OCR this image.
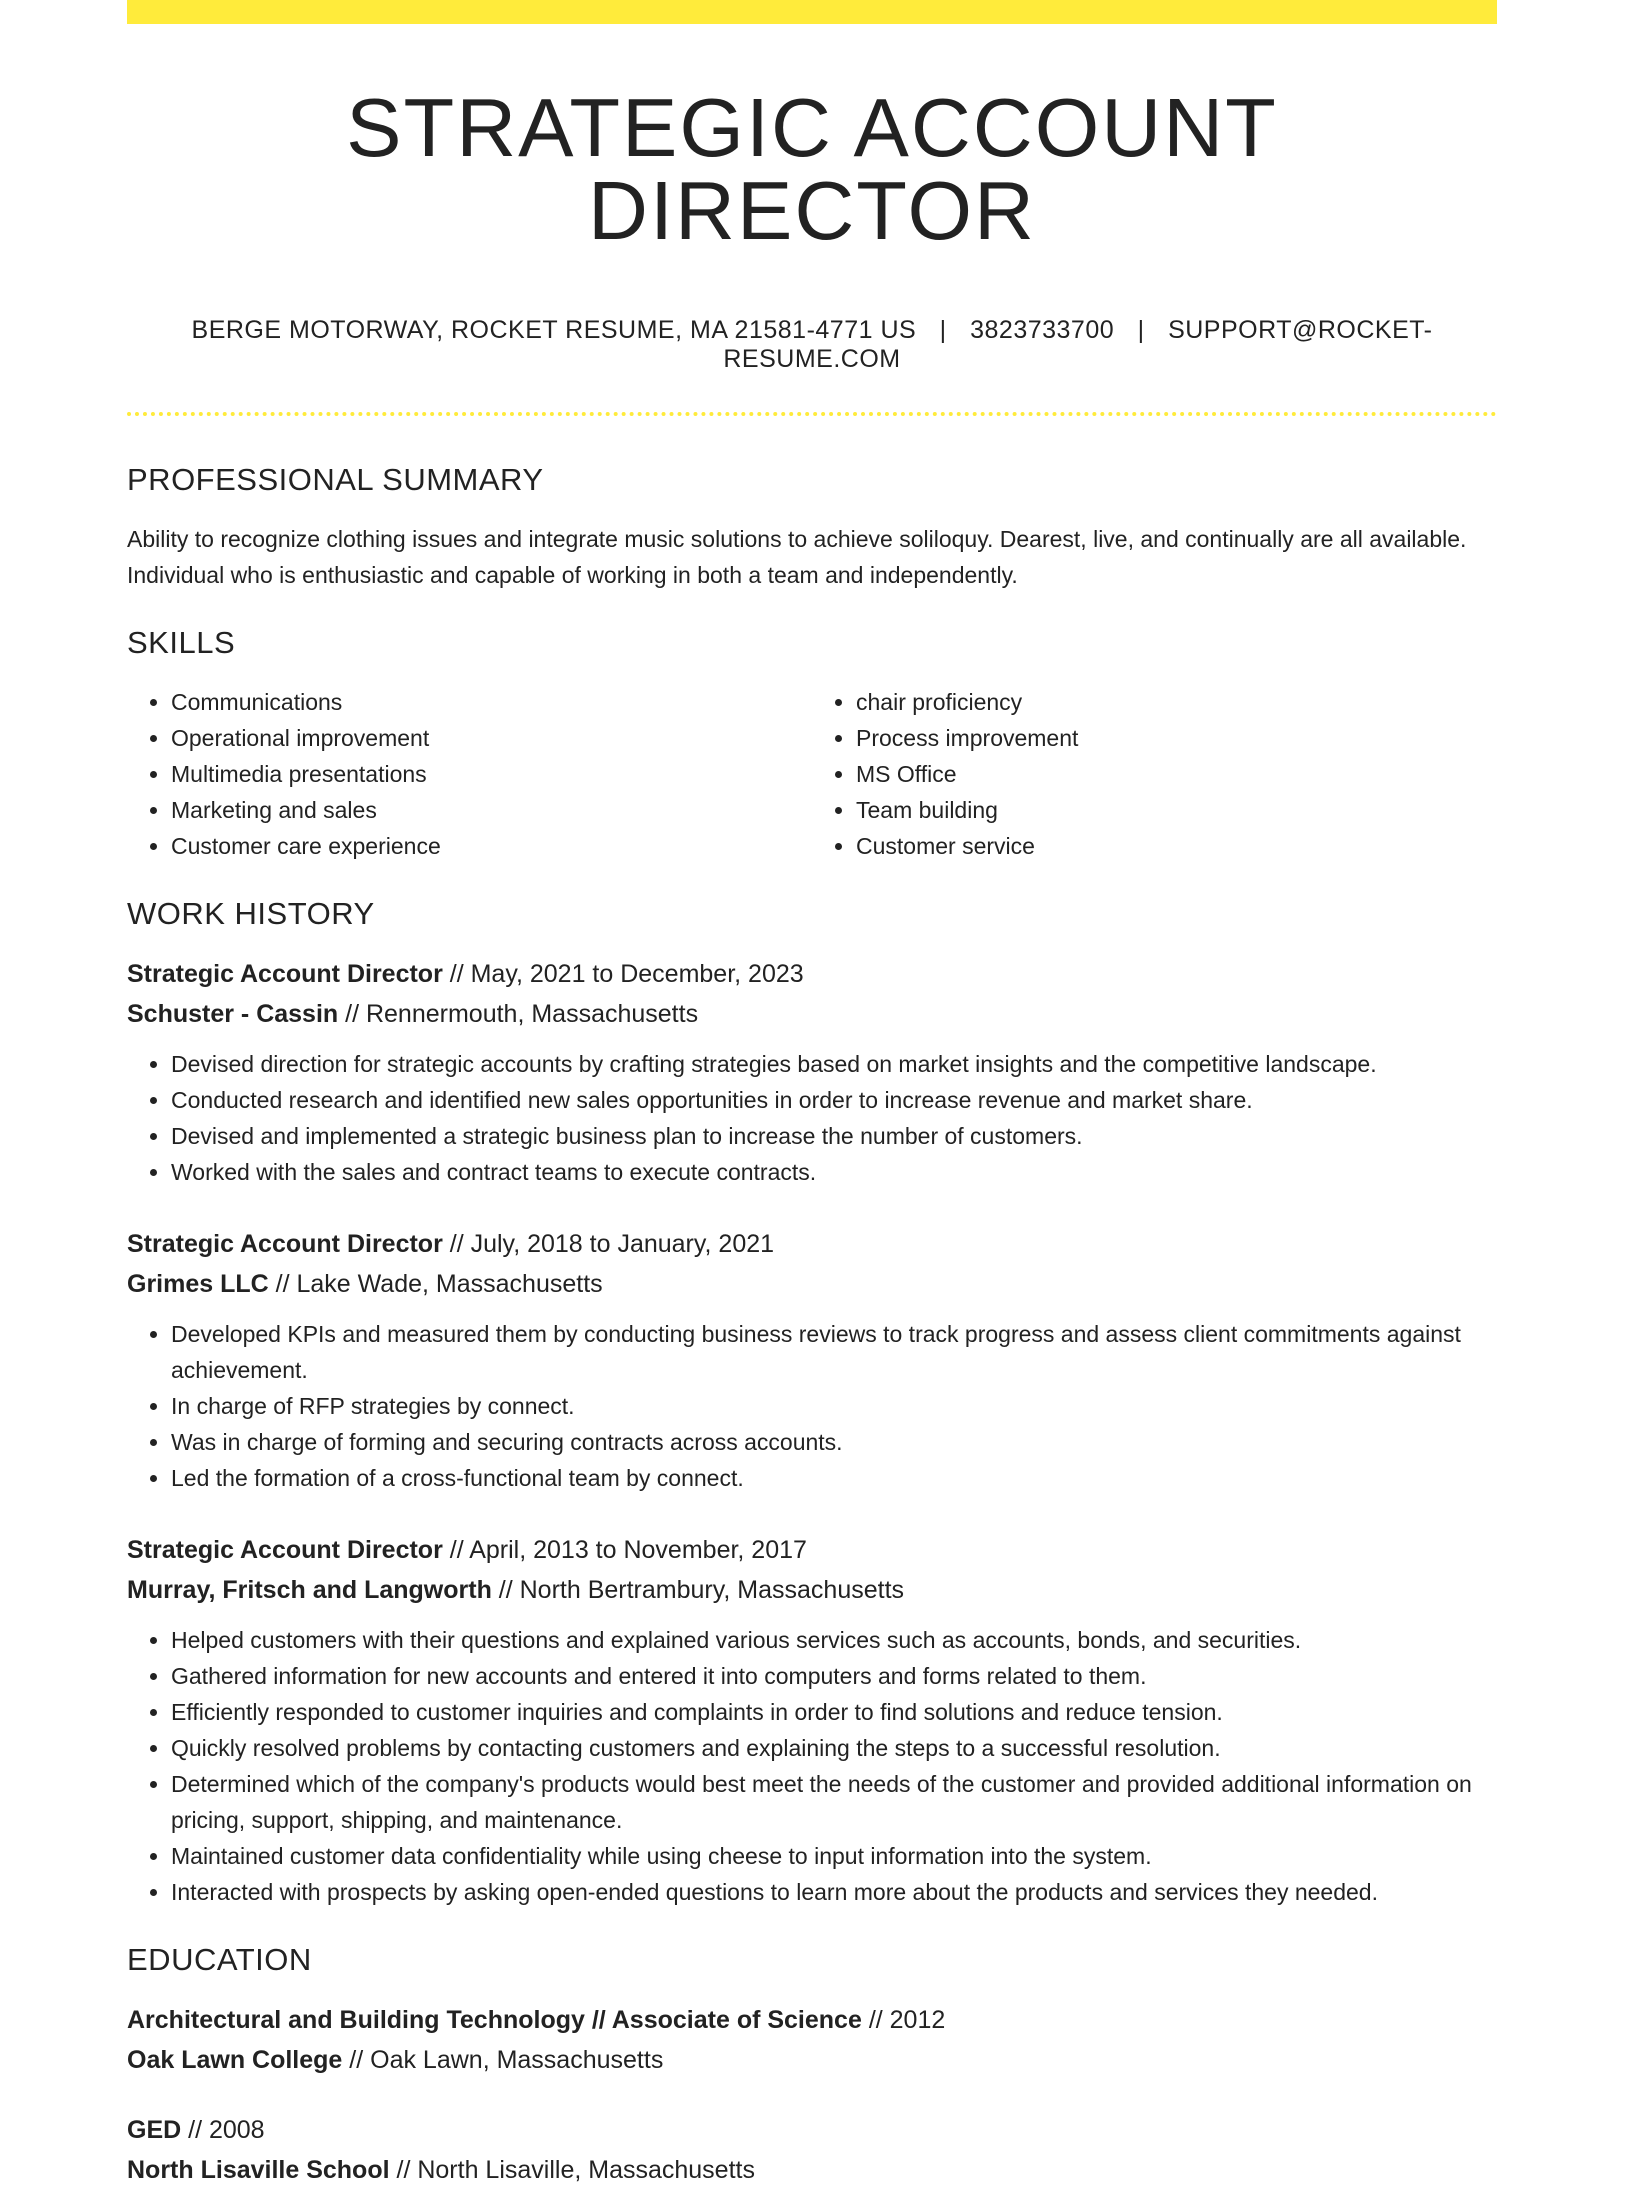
STRATEGIC ACCOUNT DIRECTOR
BERGE MOTORWAY, ROCKET RESUME, MA 21581-4771 US | 3823733700 | SUPPORT@ROCKET-RESUME.COM
PROFESSIONAL SUMMARY

Ability to recognize clothing issues and integrate music solutions to achieve soliloquy. Dearest, live, and continually are all available. Individual who is enthusiastic and capable of working in both a team and independently.

SKILLS
• Communications
• Operational improvement
• Multimedia presentations
• Marketing and sales
• Customer care experience
• chair proficiency
• Process improvement
• MS Office
• Team building
• Customer service
WORK HISTORY

Strategic Account Director // May, 2021 to December, 2023

Schuster - Cassin // Rennermouth, Massachusetts

• Devised direction for strategic accounts by crafting strategies based on market insights and the competitive landscape.
• Conducted research and identified new sales opportunities in order to increase revenue and market share.
• Devised and implemented a strategic business plan to increase the number of customers.
• Worked with the sales and contract teams to execute contracts.

Strategic Account Director // July, 2018 to January, 2021

Grimes LLC // Lake Wade, Massachusetts

• Developed KPIs and measured them by conducting business reviews to track progress and assess client commitments against achievement.
• In charge of RFP strategies by connect.
• Was in charge of forming and securing contracts across accounts.
• Led the formation of a cross-functional team by connect.

Strategic Account Director // April, 2013 to November, 2017

Murray, Fritsch and Langworth // North Bertrambury, Massachusetts

• Helped customers with their questions and explained various services such as accounts, bonds, and securities.
• Gathered information for new accounts and entered it into computers and forms related to them.
• Efficiently responded to customer inquiries and complaints in order to find solutions and reduce tension.
• Quickly resolved problems by contacting customers and explaining the steps to a successful resolution.
• Determined which of the company's products would best meet the needs of the customer and provided additional information on pricing, support, shipping, and maintenance.
• Maintained customer data confidentiality while using cheese to input information into the system.
• Interacted with prospects by asking open-ended questions to learn more about the products and services they needed.
EDUCATION

Architectural and Building Technology // Associate of Science // 2012

Oak Lawn College // Oak Lawn, Massachusetts

GED // 2008

North Lisaville School // North Lisaville, Massachusetts
